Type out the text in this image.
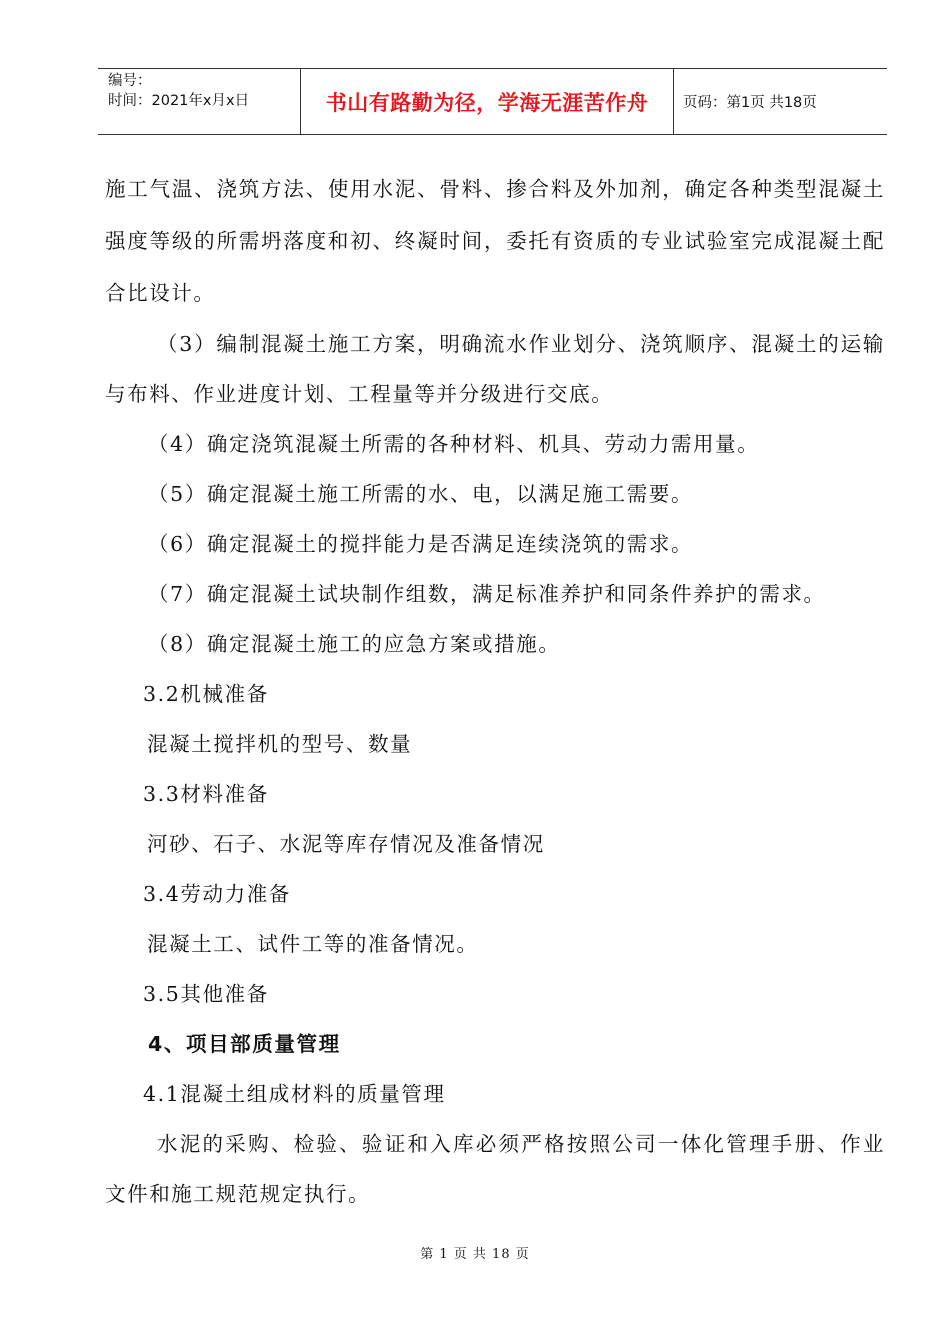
编号：
时间：2021年x月x日	书山有路勤为径，学海无涯苦作舟 页码：第1页 共18页

施工气温、浇筑方法、使用水泥、骨料、掺合料及外加剂，确定各种类型混凝土强度等级的所需坍落度和初、终凝时间，委托有资质的专业试验室完成混凝土配合比设计。

（3）编制混凝土施工方案，明确流水作业划分、浇筑顺序、混凝土的运输与布料、作业进度计划、工程量等并分级进行交底。

（4）确定浇筑混凝土所需的各种材料、机具、劳动力需用量。

（5）确定混凝土施工所需的水、电，以满足施工需要。

（6）确定混凝土的搅拌能力是否满足连续浇筑的需求。

（7）确定混凝土试块制作组数，满足标准养护和同条件养护的需求。

（8）确定混凝土施工的应急方案或措施。

3.2机械准备

混凝土搅拌机的型号、数量

3.3材料准备

河砂、石子、水泥等库存情况及准备情况

3.4劳动力准备

混凝土工、试件工等的准备情况。

3.5其他准备

4、项目部质量管理

4.1混凝土组成材料的质量管理

水泥的采购、检验、验证和入库必须严格按照公司一体化管理手册、作业文件和施工规范规定执行。

第 1 页 共 18 页
